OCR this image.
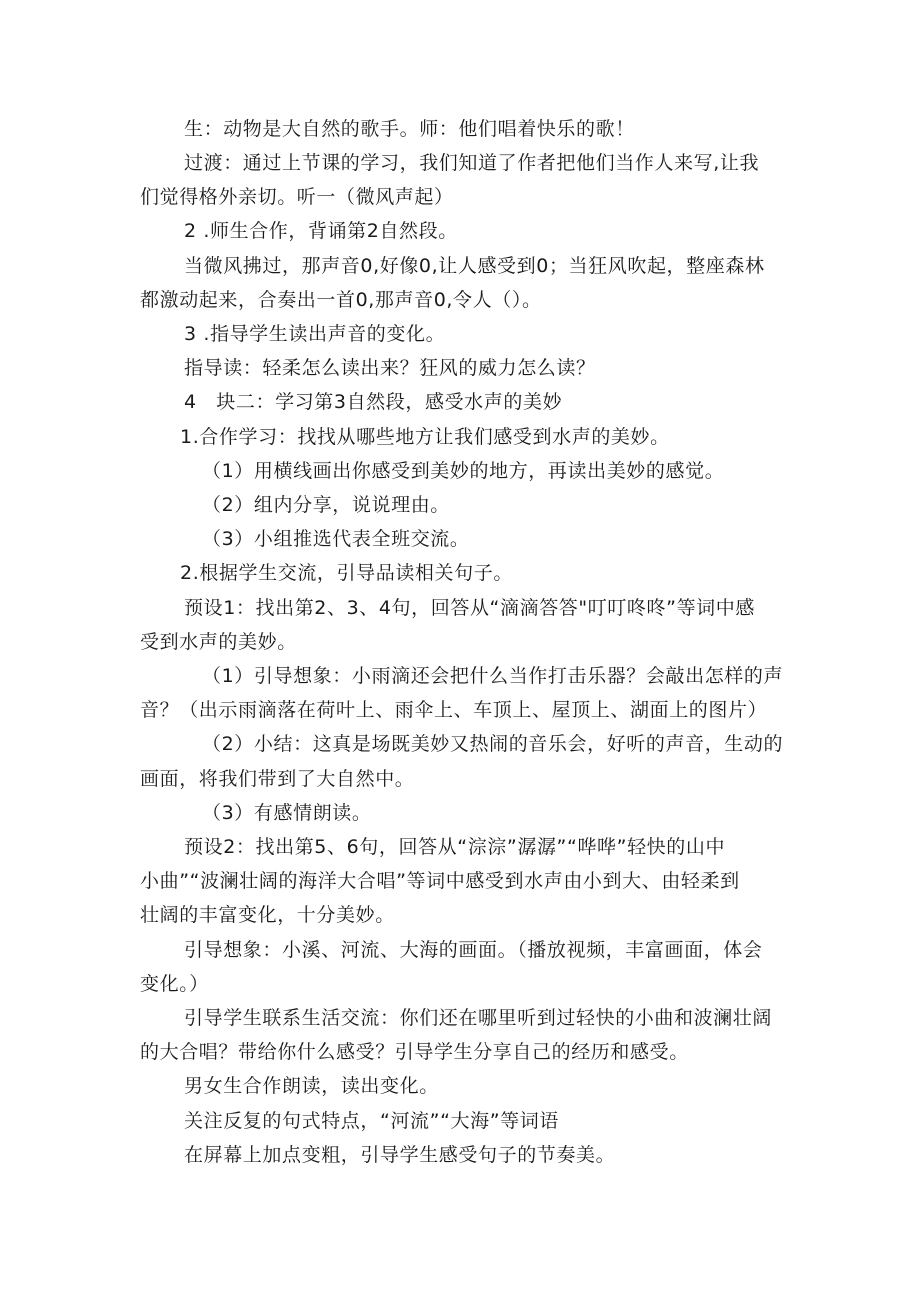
生：动物是大自然的歌手。师：他们唱着快乐的歌！
过渡：通过上节课的学习，我们知道了作者把他们当作人来写,让我
们觉得格外亲切。听一（微风声起）
2 .师生合作，背诵第2自然段。
当微风拂过，那声音0,好像0,让人感受到0；当狂风吹起，整座森林
都激动起来，合奏出一首0,那声音0,令人（）。
3 .指导学生读出声音的变化。
指导读：轻柔怎么读出来？狂风的威力怎么读？
4　块二：学习第3自然段，感受水声的美妙
1.合作学习：找找从哪些地方让我们感受到水声的美妙。
（1）用横线画出你感受到美妙的地方，再读出美妙的感觉。
（2）组内分享，说说理由。
（3）小组推选代表全班交流。
2.根据学生交流，引导品读相关句子。
预设1：找出第2、3、4句，回答从“滴滴答答"叮叮咚咚”等词中感
受到水声的美妙。
（1）引导想象：小雨滴还会把什么当作打击乐器？会敲出怎样的声
音？（出示雨滴落在荷叶上、雨伞上、车顶上、屋顶上、湖面上的图片）
（2）小结：这真是场既美妙又热闹的音乐会，好听的声音，生动的
画面，将我们带到了大自然中。
（3）有感情朗读。
预设2：找出第5、6句，回答从“淙淙”潺潺”“哗哗”轻快的山中
小曲”“波澜壮阔的海洋大合唱”等词中感受到水声由小到大、由轻柔到
壮阔的丰富变化，十分美妙。
引导想象：小溪、河流、大海的画面。（播放视频，丰富画面，体会
变化。）
引导学生联系生活交流：你们还在哪里听到过轻快的小曲和波澜壮阔
的大合唱？带给你什么感受？引导学生分享自己的经历和感受。
男女生合作朗读，读出变化。
关注反复的句式特点，“河流”“大海”等词语
在屏幕上加点变粗，引导学生感受句子的节奏美。
